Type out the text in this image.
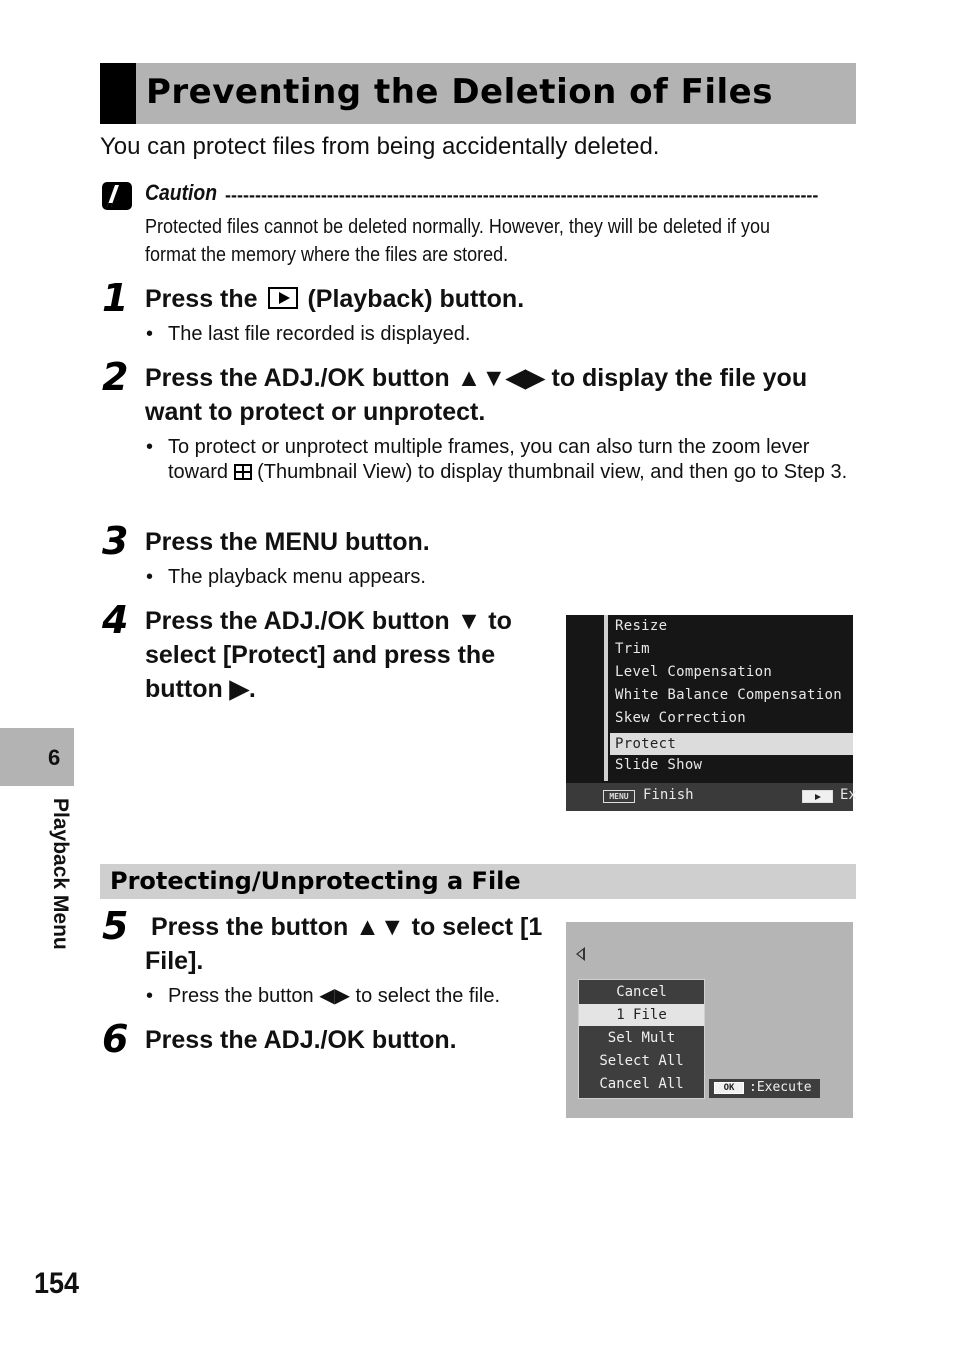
Preventing the Deletion of Files
You can protect files from being accidentally deleted.
Caution ---------------------------------------------------------------------------------------------------
Protected files cannot be deleted normally. However, they will be deleted if you format the memory where the files are stored.
1 Press the  (Playback) button.
• The last file recorded is displayed.
2 Press the ADJ./OK button ▲▼◀▶ to display the file you want to protect or unprotect.
• To protect or unprotect multiple frames, you can also turn the zoom lever toward  (Thumbnail View) to display thumbnail view, and then go to Step 3.
3 Press the MENU button.
• The playback menu appears.
4 Press the ADJ./OK button ▼ to select [Protect] and press the button ▶.
Resize
Trim
Level Compensation
White Balance Compensation
Skew Correction
Protect
Slide Show
MENU	Finish	Ex
Protecting/Unprotecting a File
5 Press the button ▲▼ to select [1 File].
• Press the button ◀▶ to select the file.
6 Press the ADJ./OK button.
Cancel
1 File
Sel Mult
Select All
Cancel All	OK	:Execute
6
Playback Menu
154
